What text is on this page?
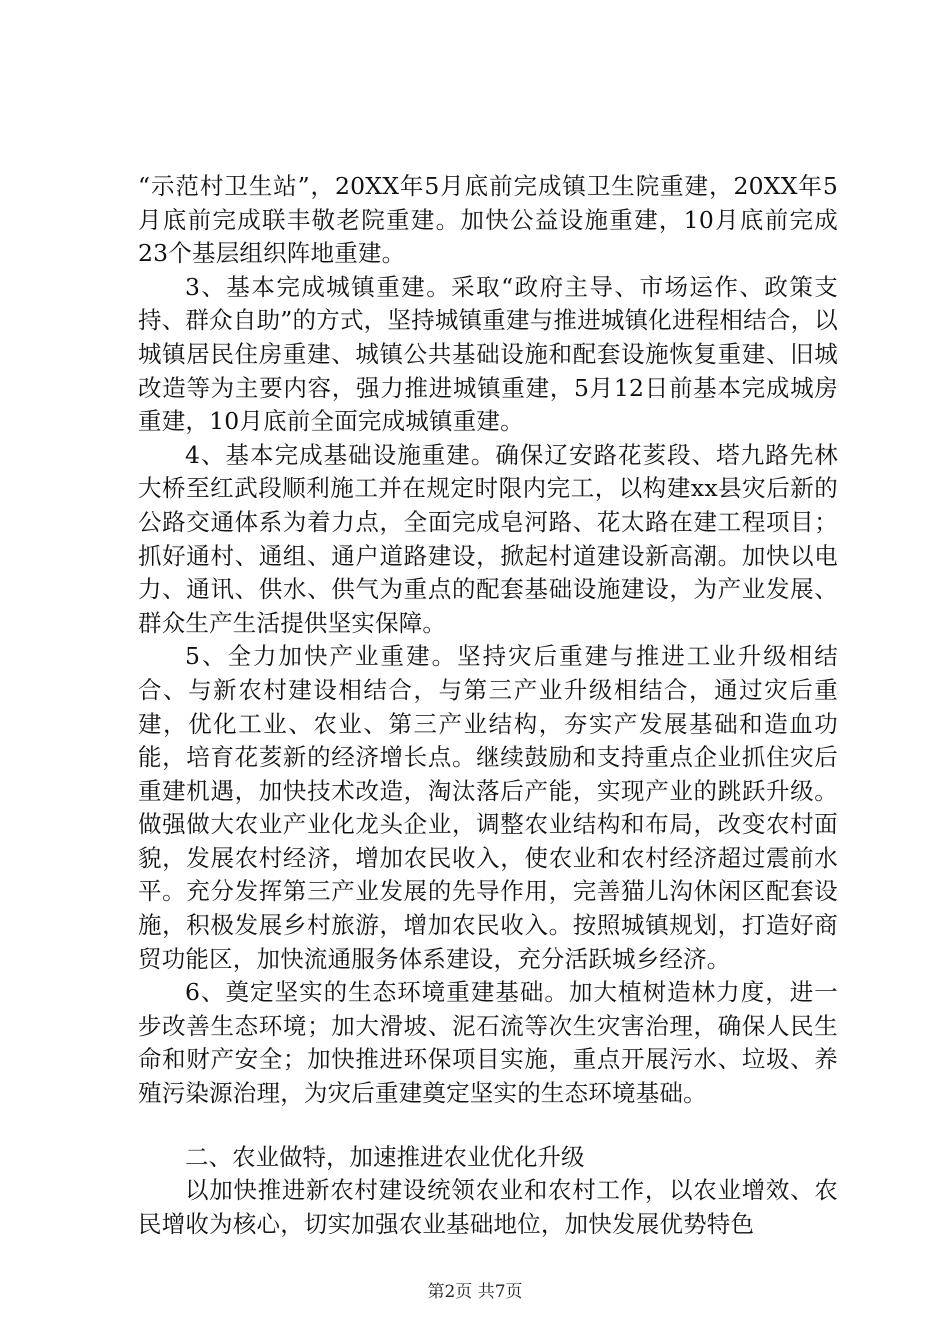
“示范村卫生站”，20XX年5月底前完成镇卫生院重建，20XX年5月底前完成联丰敬老院重建。加快公益设施重建，10月底前完成23个基层组织阵地重建。

3、基本完成城镇重建。采取“政府主导、市场运作、政策支持、群众自助”的方式，坚持城镇重建与推进城镇化进程相结合，以城镇居民住房重建、城镇公共基础设施和配套设施恢复重建、旧城改造等为主要内容，强力推进城镇重建，5月12日前基本完成城房重建，10月底前全面完成城镇重建。

4、基本完成基础设施重建。确保辽安路花荄段、塔九路先林大桥至红武段顺利施工并在规定时限内完工，以构建xx县灾后新的公路交通体系为着力点，全面完成皂河路、花太路在建工程项目；抓好通村、通组、通户道路建设，掀起村道建设新高潮。加快以电力、通讯、供水、供气为重点的配套基础设施建设，为产业发展、群众生产生活提供坚实保障。

5、全力加快产业重建。坚持灾后重建与推进工业升级相结合、与新农村建设相结合，与第三产业升级相结合，通过灾后重建，优化工业、农业、第三产业结构，夯实产发展基础和造血功能，培育花荄新的经济增长点。继续鼓励和支持重点企业抓住灾后重建机遇，加快技术改造，淘汰落后产能，实现产业的跳跃升级。做强做大农业产业化龙头企业，调整农业结构和布局，改变农村面貌，发展农村经济，增加农民收入，使农业和农村经济超过震前水平。充分发挥第三产业发展的先导作用，完善猫儿沟休闲区配套设施，积极发展乡村旅游，增加农民收入。按照城镇规划，打造好商贸功能区，加快流通服务体系建设，充分活跃城乡经济。

6、奠定坚实的生态环境重建基础。加大植树造林力度，进一步改善生态环境；加大滑坡、泥石流等次生灾害治理，确保人民生命和财产安全；加快推进环保项目实施，重点开展污水、垃圾、养殖污染源治理，为灾后重建奠定坚实的生态环境基础。

二、农业做特，加速推进农业优化升级

以加快推进新农村建设统领农业和农村工作，以农业增效、农民增收为核心，切实加强农业基础地位，加快发展优势特色

第2页 共7页
